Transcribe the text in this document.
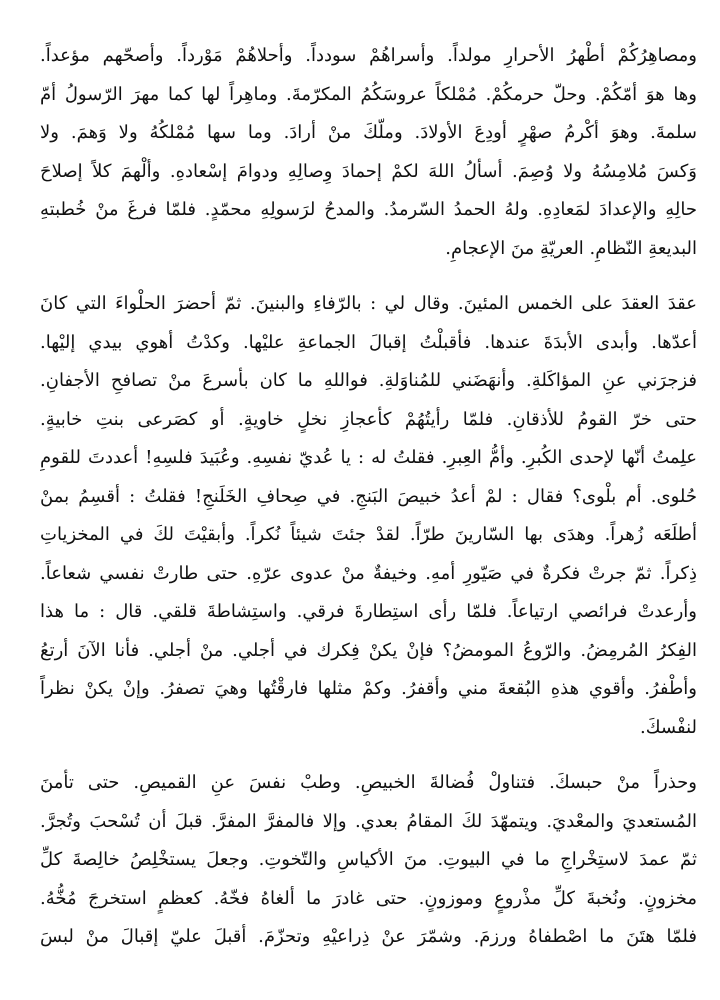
ومصاهِرُكُمْ أطْهرُ الأحرارِ مولداً. وأسراهُمْ سودداً. وأحلاهُمْ مَوْرداً. وأصحّهم مؤعداً.
وها هوَ أمّكُمْ. وحلّ حرمكُمْ. مُمْلكاً عروسَكُمُ المكرّمةَ. وماهِراً لها كما مهرَ الرّسولُ أمّ
سلمةَ. وهوَ أكْرمُ صهْرٍ أودِعَ الأولادَ. وملّكَ منْ أرادَ. وما سها مُمْلكُهُ ولا وَهمَ. ولا
وَكسَ مُلامِسُهُ ولا وُصِمَ. أسألُ اللهَ لكمْ إحمادَ وِصالِهِ ودوامَ إسْعادهِ. وألْهمَ كلاً إصلاحَ
حالِهِ والإعدادَ لمَعادِهِ. ولهُ الحمدُ السّرمدُ. والمدحُ لرَسولِهِ محمّدٍ. فلمّا فرغَ منْ خُطبتهِ
البديعةِ النّظامِ. العريّةِ منَ الإعجامِ.
عقدَ العقدَ على الخمس المئينَ. وقال لي : بالرّفاءِ والبنينَ. ثمّ أحضرَ الحلْواءَ التي كانَ
أعدّها. وأبدى الأبدَةَ عندها. فأقبلْتُ إقبالَ الجماعةِ عليْها. وكدْتُ أهوي بيدي إليْها.
فزجرَني عنِ المؤاكَلةِ. وأنهَضَني للمُناوَلةِ. فواللهِ ما كان بأسرعَ منْ تصافحِ الأجفانِ.
حتى خرّ القومُ للأذقانِ. فلمّا رأيتُهُمْ كأعجازِ نخلٍ خاويةٍ. أو كصَرعى بنتِ خابيةٍ.
علِمتُ أنّها لإحدى الكُبرِ. وأمُّ العِبرِ. فقلتُ له : يا عُديّ نفسِهِ. وعُبَيدَ فلسِهِ! أعددتَ للقومِ
حُلوى. أم بلْوى؟ فقال : لمْ أعدُ خبيصَ البَنجِ. في صِحافِ الخَلَنجِ! فقلتُ : أقسِمُ بمنْ
أطلَعَه زُهراً. وهدَى بها السّارينَ طرّاً. لقدْ جئتَ شيئاً نُكراً. وأبقيْتَ لكَ في المخزياتِ
ذِكراً. ثمّ جرتْ فكرةٌ في صَيّورِ أمهِ. وخيفةٌ منْ عدوى عرّهِ. حتى طارتْ نفسي شعاعاً.
وأرعدتْ فرائصي ارتياعاً. فلمّا رأى استِطارةَ فرقي. واستِشاطةَ قلقي. قال : ما هذا
الفِكرُ المُرمِضُ. والرّوعُ المومضُ؟ فإنْ يكنْ فِكرك في أجلي. منْ أجلي. فأنا الآنَ أرتعُ
وأطْفرُ. وأقوي هذهِ البُقعةَ مني وأقفرُ. وكمْ مثلها فارقْتُها وهيَ تصفرُ. وإنْ يكنْ نظراً
لنفْسكَ.
وحذراً منْ حبسكَ. فتناولْ فُضالةَ الخبيصِ. وطبْ نفسَ عنِ القميصِ. حتى تأمنَ
المُستعديَ والمعْديَ. ويتمهّدَ لكَ المقامُ بعدي. وإلا فالمفرَّ المفرَّ. قبلَ أن تُسْحبَ وتُجرَّ.
ثمّ عمدَ لاستِخْراجِ ما في البيوتِ. منَ الأكياسِ والتّخوتِ. وجعلَ يستخْلِصُ خالِصةَ كلِّ
مخزونٍ. ونُخبةَ كلِّ مذْروعٍ وموزونٍ. حتى غادرَ ما ألغاهُ فخّهُ. كعظمٍ استخرجَ مُخُّهُ.
فلمّا هتَنَ ما اصْطفاهُ ورزمَ. وشمّرَ عنْ ذِراعيْهِ وتحزّمَ. أقبلَ عليّ إقبالَ منْ لبسَ
